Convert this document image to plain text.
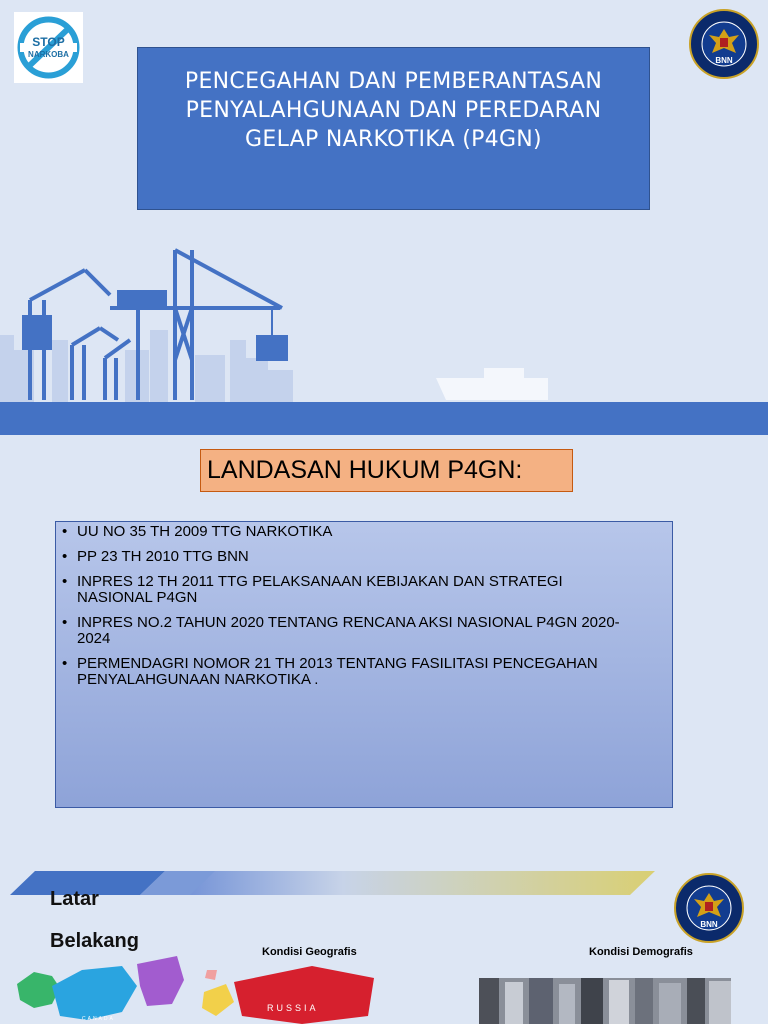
STOP
NARKOBA
PENCEGAHAN DAN PEMBERANTASAN
PENYALAHGUNAAN DAN PEREDARAN
GELAP NARKOTIKA (P4GN)
BNN
LANDASAN HUKUM P4GN:
• UU NO 35 TH 2009 TTG NARKOTIKA
• PP 23 TH 2010 TTG BNN
• INPRES 12 TH 2011 TTG PELAKSANAAN KEBIJAKAN DAN STRATEGI
NASIONAL P4GN
• INPRES NO.2 TAHUN 2020 TENTANG RENCANA AKSI NASIONAL P4GN 2020-
2024
• PERMENDAGRI NOMOR 21 TH 2013 TENTANG FASILITASI PENCEGAHAN
PENYALAHGUNAAN NARKOTIKA .
Latar
Belakang
BNN
Kondisi Geografis	Kondisi Demografis
CANADA
RUSSIA
